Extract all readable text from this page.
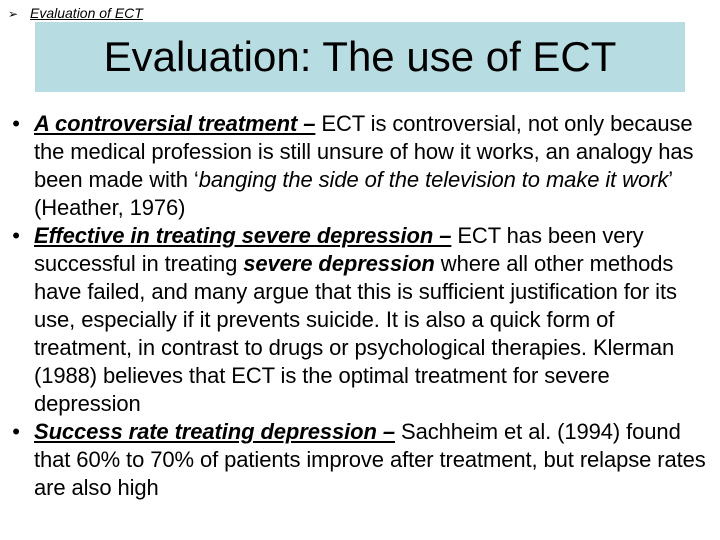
➢ Evaluation of ECT
Evaluation: The use of ECT
• A controversial treatment – ECT is controversial, not only because the medical profession is still unsure of how it works, an analogy has been made with ‘banging the side of the television to make it work’ (Heather, 1976)
• Effective in treating severe depression – ECT has been very successful in treating severe depression where all other methods have failed, and many argue that this is sufficient justification for its use, especially if it prevents suicide. It is also a quick form of treatment, in contrast to drugs or psychological therapies. Klerman (1988) believes that ECT is the optimal treatment for severe depression
• Success rate treating depression – Sachheim et al. (1994) found that 60% to 70% of patients improve after treatment, but relapse rates are also high
